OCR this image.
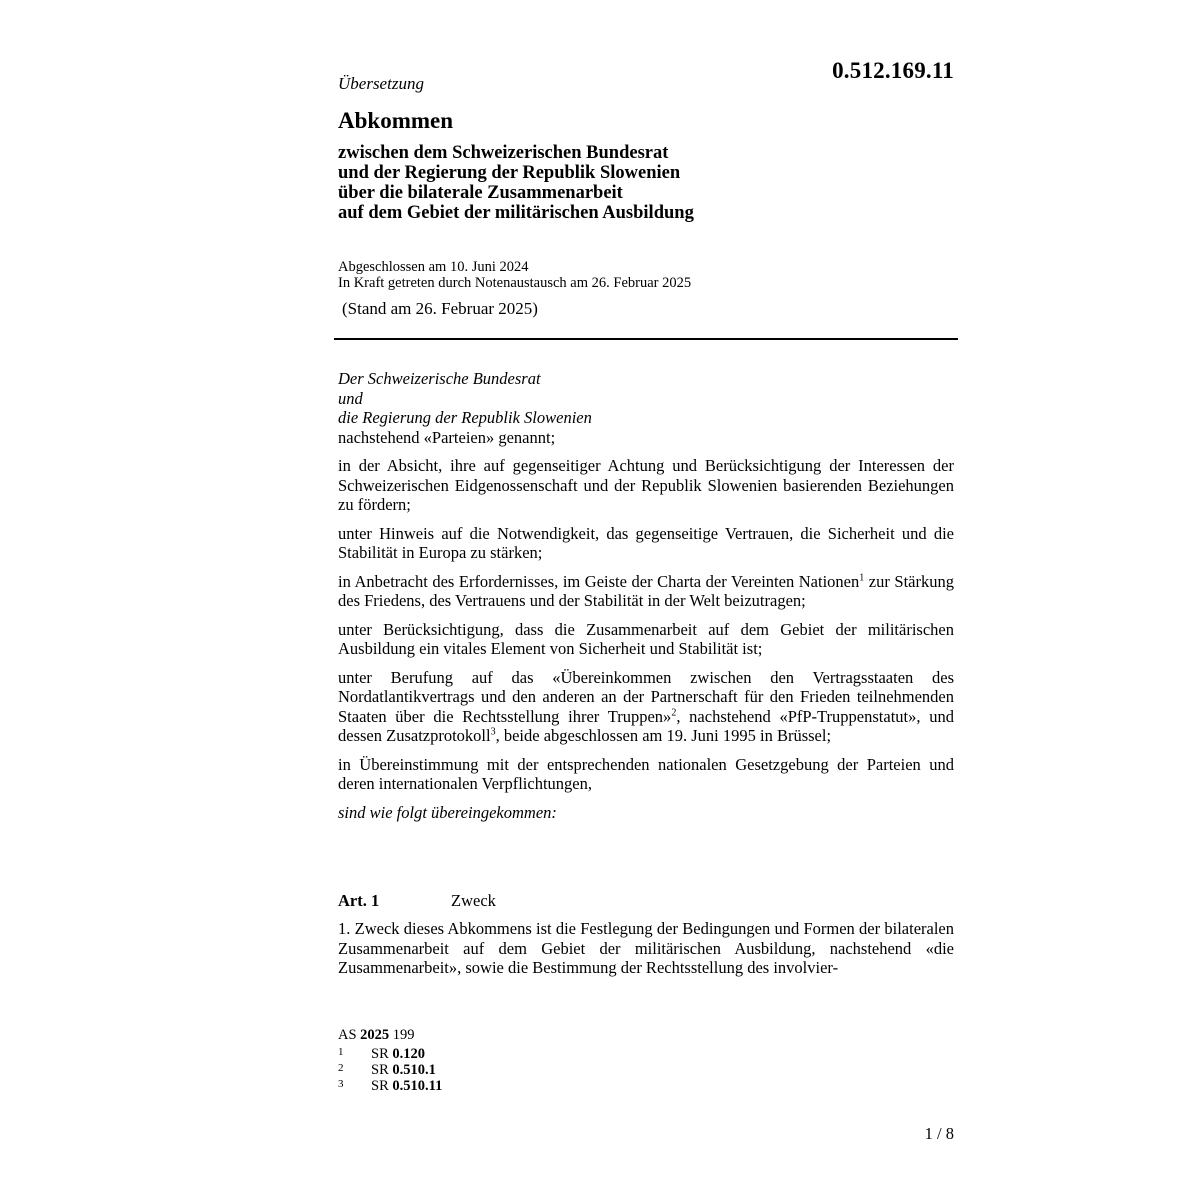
0.512.169.11
Übersetzung
Abkommen
zwischen dem Schweizerischen Bundesrat
und der Regierung der Republik Slowenien
über die bilaterale Zusammenarbeit
auf dem Gebiet der militärischen Ausbildung
Abgeschlossen am 10. Juni 2024
In Kraft getreten durch Notenaustausch am 26. Februar 2025
(Stand am 26. Februar 2025)

Der Schweizerische Bundesrat
und
die Regierung der Republik Slowenien
nachstehend «Parteien» genannt;

in der Absicht, ihre auf gegenseitiger Achtung und Berücksichtigung der Interessen der Schweizerischen Eidgenossenschaft und der Republik Slowenien basierenden Beziehungen zu fördern;

unter Hinweis auf die Notwendigkeit, das gegenseitige Vertrauen, die Sicherheit und die Stabilität in Europa zu stärken;

in Anbetracht des Erfordernisses, im Geiste der Charta der Vereinten Nationen$^1$ zur Stärkung des Friedens, des Vertrauens und der Stabilität in der Welt beizutragen;

unter Berücksichtigung, dass die Zusammenarbeit auf dem Gebiet der militärischen Ausbildung ein vitales Element von Sicherheit und Stabilität ist;

unter Berufung auf das «Übereinkommen zwischen den Vertragsstaaten des Nordatlantikvertrags und den anderen an der Partnerschaft für den Frieden teilnehmenden Staaten über die Rechtsstellung ihrer Truppen»$^2$, nachstehend «PfP-Truppenstatut», und dessen Zusatzprotokoll$^3$, beide abgeschlossen am 19. Juni 1995 in Brüssel;

in Übereinstimmung mit der entsprechenden nationalen Gesetzgebung der Parteien und deren internationalen Verpflichtungen,

sind wie folgt übereingekommen:

Art. 1	Zweck
1. Zweck dieses Abkommens ist die Festlegung der Bedingungen und Formen der bilateralen Zusammenarbeit auf dem Gebiet der militärischen Ausbildung, nachstehend «die Zusammenarbeit», sowie die Bestimmung der Rechtsstellung des involvier-
AS 2025 199
1 SR 0.120
2 SR 0.510.1
3 SR 0.510.11
1 / 8
